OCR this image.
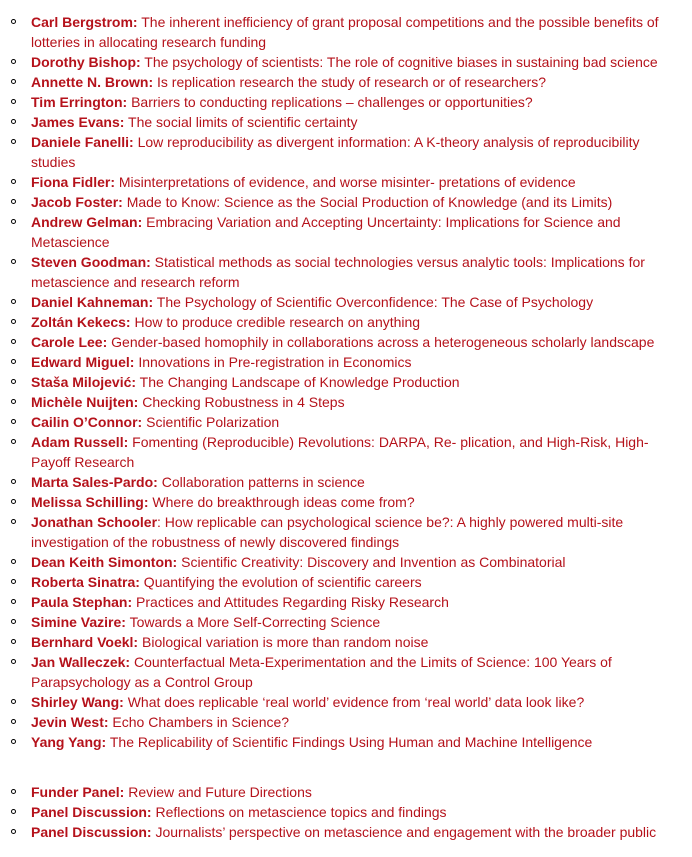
Carl Bergstrom: The inherent inefficiency of grant proposal competitions and the possible benefits of lotteries in allocating research funding
Dorothy Bishop: The psychology of scientists: The role of cognitive biases in sustaining bad science
Annette N. Brown: Is replication research the study of research or of researchers?
Tim Errington: Barriers to conducting replications – challenges or opportunities?
James Evans: The social limits of scientific certainty
Daniele Fanelli: Low reproducibility as divergent information: A K-theory analysis of reproducibility studies
Fiona Fidler: Misinterpretations of evidence, and worse misinter- pretations of evidence
Jacob Foster: Made to Know: Science as the Social Production of Knowledge (and its Limits)
Andrew Gelman: Embracing Variation and Accepting Uncertainty: Implications for Science and Metascience
Steven Goodman: Statistical methods as social technologies versus analytic tools: Implications for metascience and research reform
Daniel Kahneman: The Psychology of Scientific Overconfidence: The Case of Psychology
Zoltán Kekecs: How to produce credible research on anything
Carole Lee: Gender-based homophily in collaborations across a heterogeneous scholarly landscape
Edward Miguel: Innovations in Pre-registration in Economics
Staša Milojević: The Changing Landscape of Knowledge Production
Michèle Nuijten: Checking Robustness in 4 Steps
Cailin O’Connor: Scientific Polarization
Adam Russell: Fomenting (Reproducible) Revolutions: DARPA, Re- plication, and High-Risk, High-Payoff Research
Marta Sales-Pardo: Collaboration patterns in science
Melissa Schilling: Where do breakthrough ideas come from?
Jonathan Schooler: How replicable can psychological science be?: A highly powered multi-site investigation of the robustness of newly discovered findings
Dean Keith Simonton: Scientific Creativity: Discovery and Invention as Combinatorial
Roberta Sinatra: Quantifying the evolution of scientific careers
Paula Stephan: Practices and Attitudes Regarding Risky Research
Simine Vazire: Towards a More Self-Correcting Science
Bernhard Voekl: Biological variation is more than random noise
Jan Walleczek: Counterfactual Meta-Experimentation and the Limits of Science: 100 Years of Parapsychology as a Control Group
Shirley Wang: What does replicable ‘real world’ evidence from ‘real world’ data look like?
Jevin West: Echo Chambers in Science?
Yang Yang: The Replicability of Scientific Findings Using Human and Machine Intelligence
Funder Panel: Review and Future Directions
Panel Discussion: Reflections on metascience topics and findings
Panel Discussion: Journalists’ perspective on metascience and engagement with the broader public
